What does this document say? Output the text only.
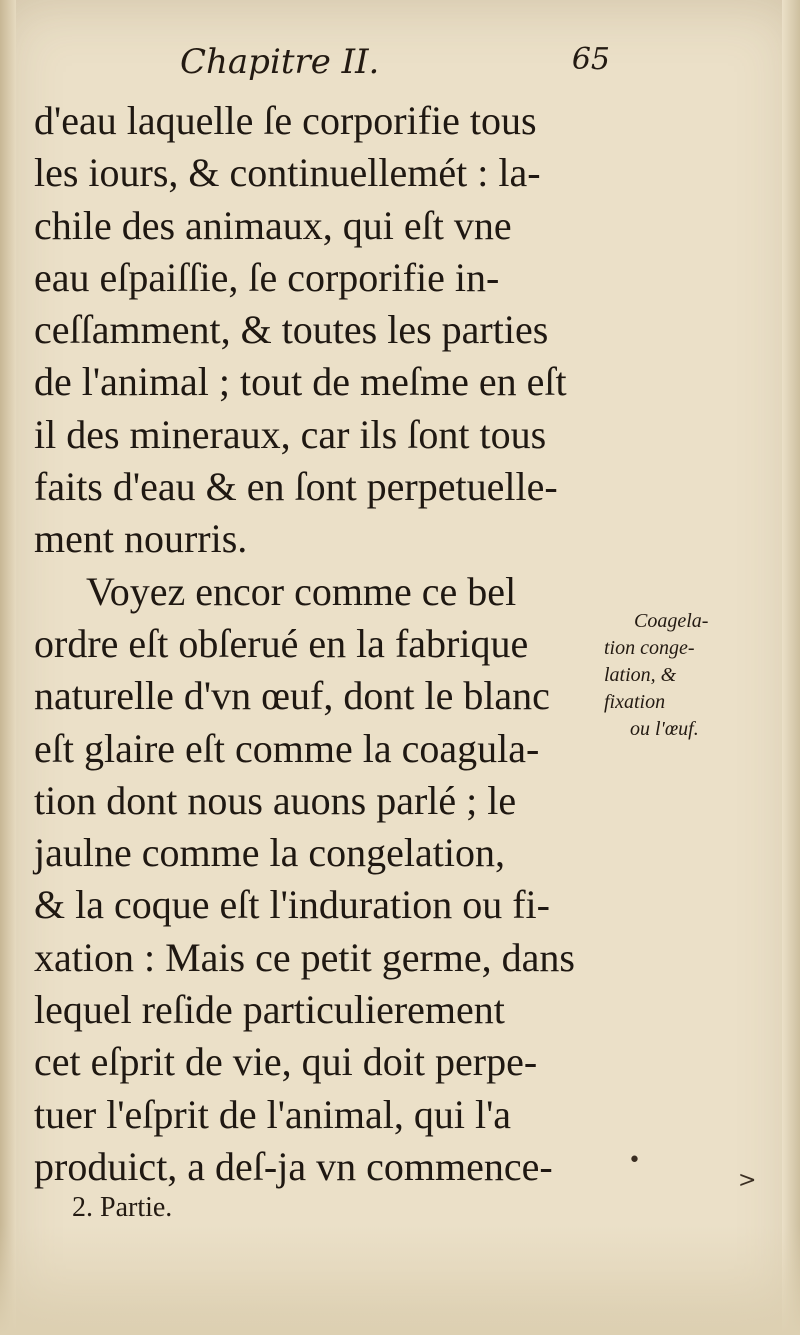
Chapitre II.	65
d'eau laquelle ſe corporifie tous
les iours, & continuellemét : la-
chile des animaux, qui eſt vne
eau eſpaiſſie, ſe corporifie in-
ceſſamment, & toutes les parties
de l'animal ; tout de meſme en eſt
il des mineraux, car ils ſont tous
faits d'eau & en ſont perpetuelle-
ment nourris.
Voyez encor comme ce bel
ordre eſt obſerué en la fabrique
naturelle d'vn œuf, dont le blanc
eſt glaire eſt comme la coagula-
tion dont nous auons parlé ; le
jaulne comme la congelation,
& la coque eſt l'induration ou fi-
xation : Mais ce petit germe, dans
lequel reſide particulierement
cet eſprit de vie, qui doit perpe-
tuer l'eſprit de l'animal, qui l'a
produict, a deſ-ja vn commence-
Coagela-
tion conge-
lation, &
fixation
ou l'œuf.
2. Partie.
•
>
